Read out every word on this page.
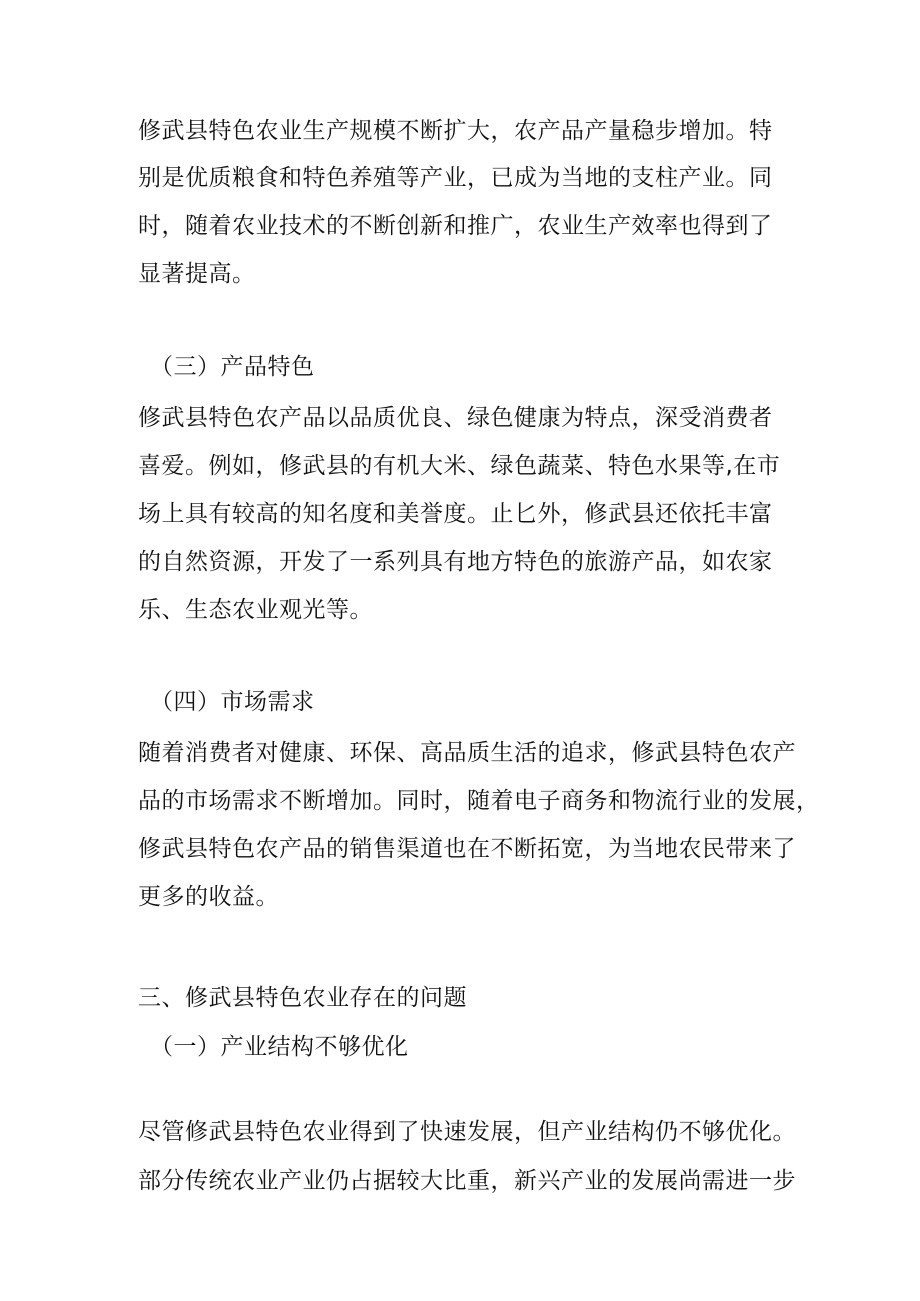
修武县特色农业生产规模不断扩大，农产品产量稳步增加。特
别是优质粮食和特色养殖等产业，已成为当地的支柱产业。同
时，随着农业技术的不断创新和推广，农业生产效率也得到了
显著提高。
（三）产品特色
修武县特色农产品以品质优良、绿色健康为特点，深受消费者
喜爱。例如，修武县的有机大米、绿色蔬菜、特色水果等,在市
场上具有较高的知名度和美誉度。止匕外，修武县还依托丰富
的自然资源，开发了一系列具有地方特色的旅游产品，如农家
乐、生态农业观光等。
（四）市场需求
随着消费者对健康、环保、高品质生活的追求，修武县特色农产
品的市场需求不断增加。同时，随着电子商务和物流行业的发展，
修武县特色农产品的销售渠道也在不断拓宽，为当地农民带来了
更多的收益。
三、修武县特色农业存在的问题
（一）产业结构不够优化
尽管修武县特色农业得到了快速发展，但产业结构仍不够优化。
部分传统农业产业仍占据较大比重，新兴产业的发展尚需进一步
